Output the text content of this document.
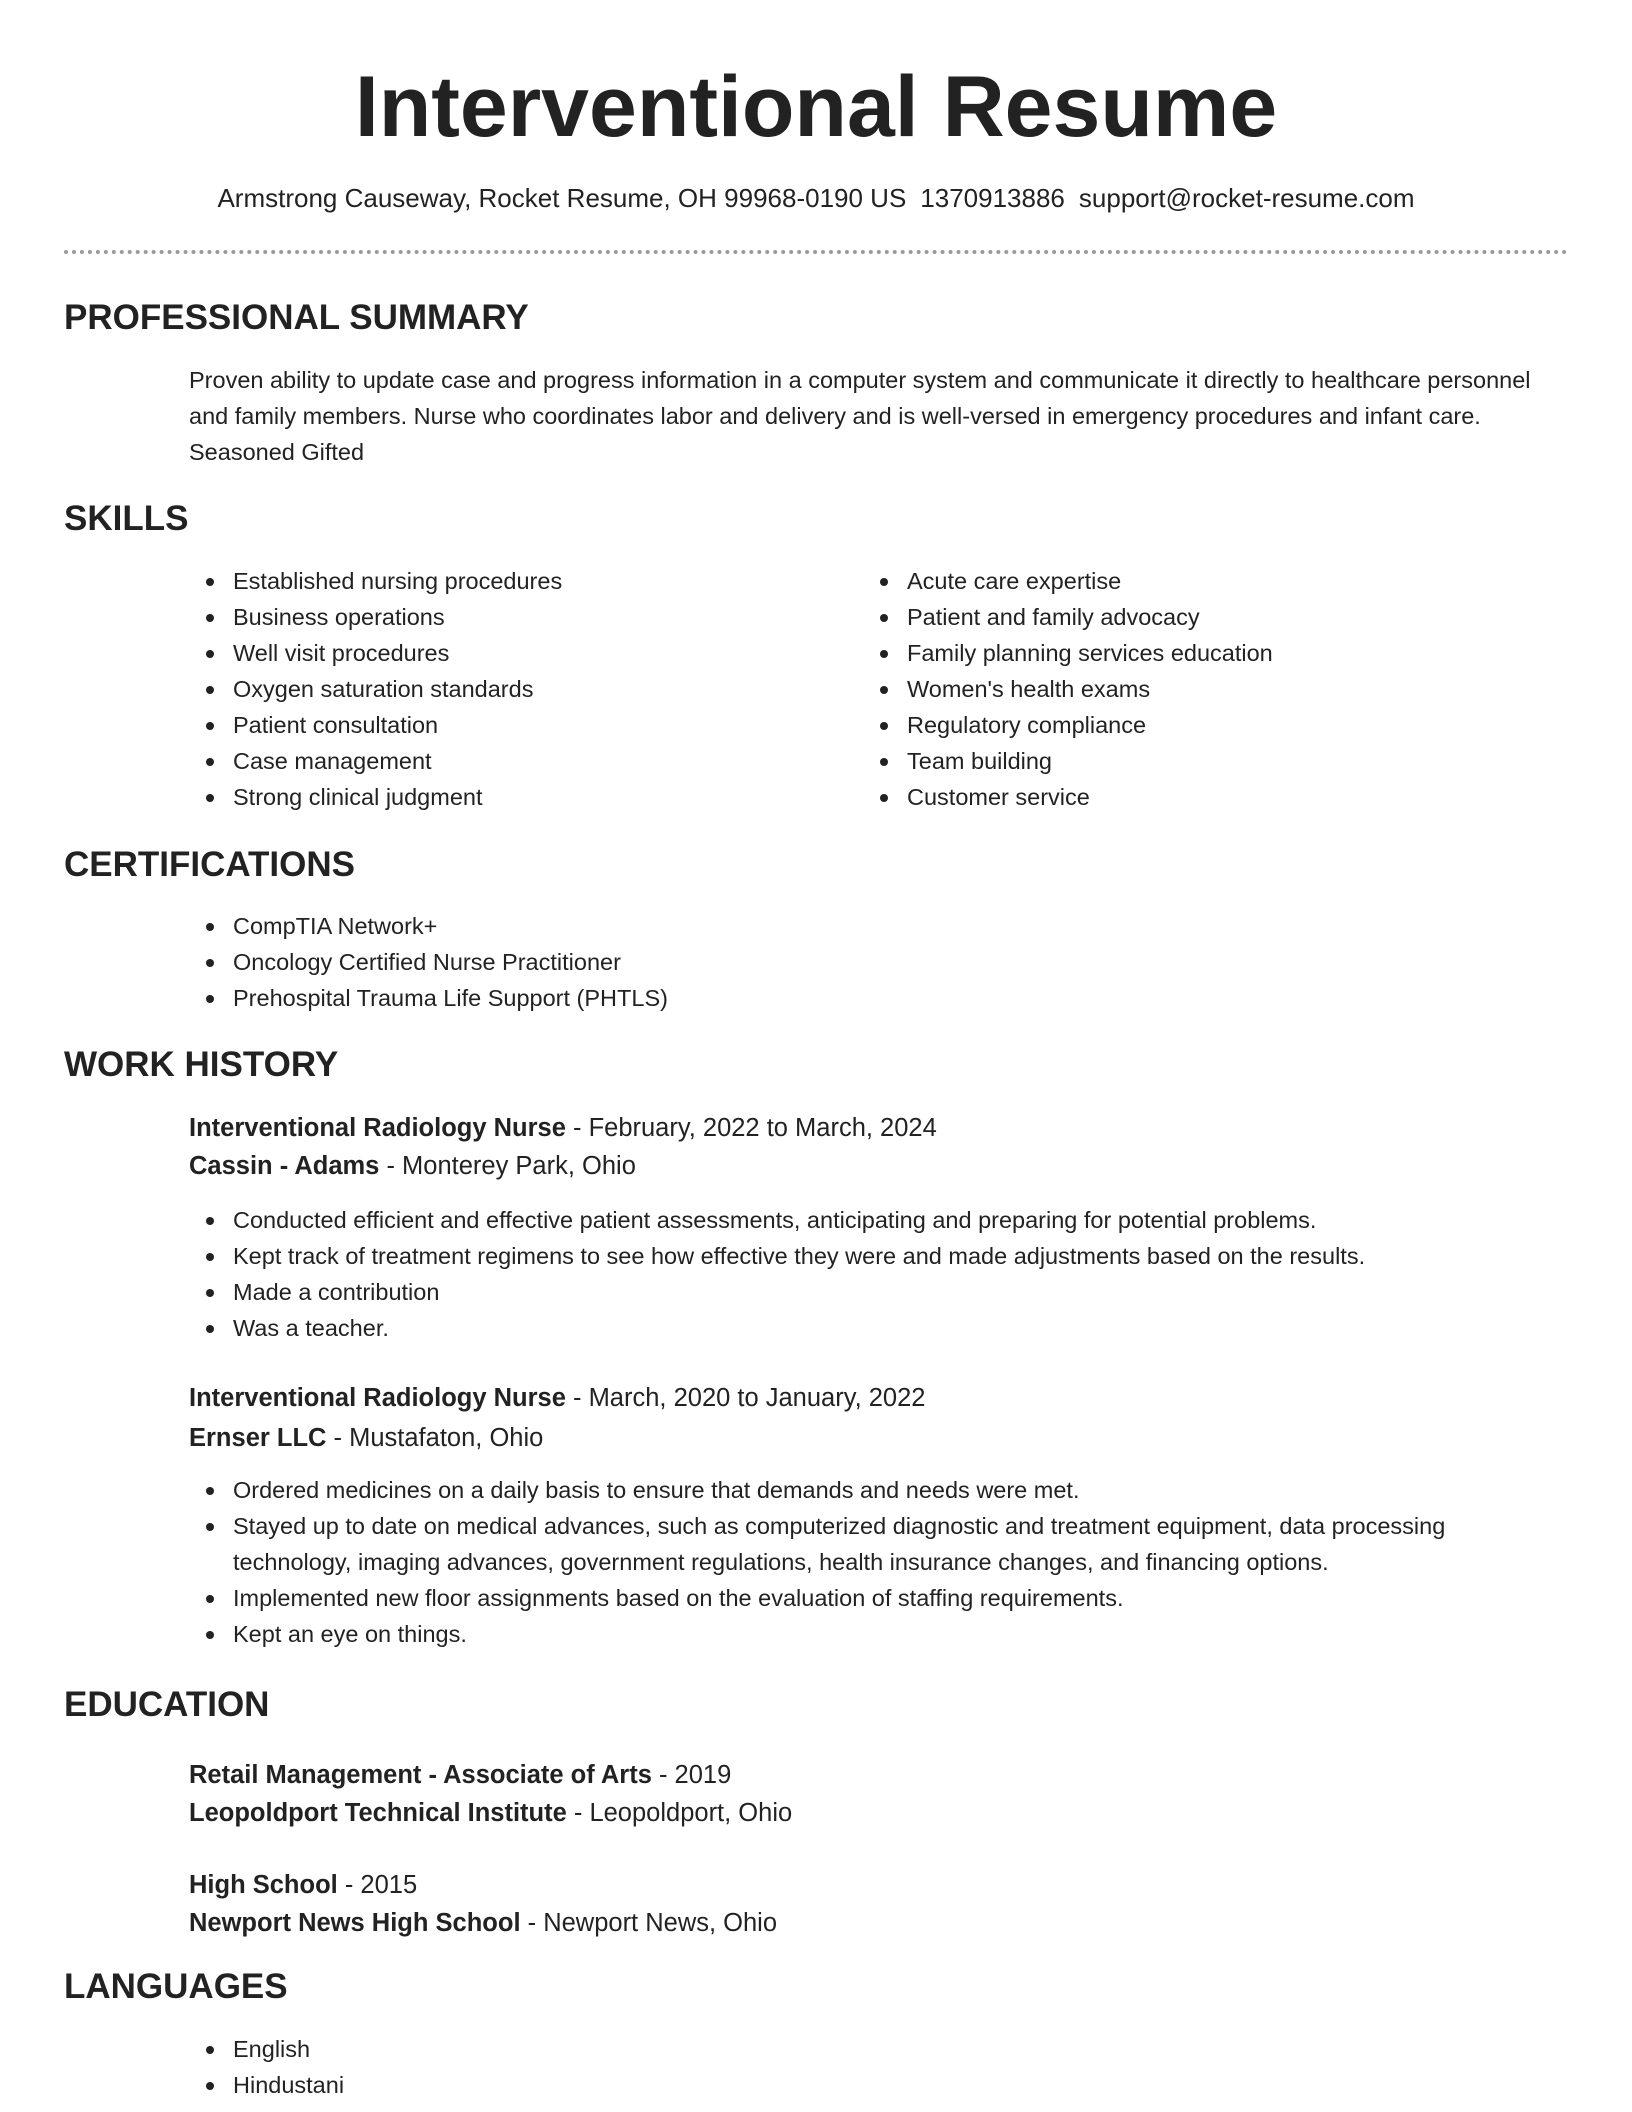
Interventional Resume
Armstrong Causeway, Rocket Resume, OH 99968-0190 US 1370913886 support@rocket-resume.com
PROFESSIONAL SUMMARY
Proven ability to update case and progress information in a computer system and communicate it directly to healthcare personnel and family members. Nurse who coordinates labor and delivery and is well-versed in emergency procedures and infant care. Seasoned Gifted
SKILLS
Established nursing procedures
Business operations
Well visit procedures
Oxygen saturation standards
Patient consultation
Case management
Strong clinical judgment
Acute care expertise
Patient and family advocacy
Family planning services education
Women's health exams
Regulatory compliance
Team building
Customer service
CERTIFICATIONS
CompTIA Network+
Oncology Certified Nurse Practitioner
Prehospital Trauma Life Support (PHTLS)
WORK HISTORY
Interventional Radiology Nurse - February, 2022 to March, 2024
Cassin - Adams - Monterey Park, Ohio
Conducted efficient and effective patient assessments, anticipating and preparing for potential problems.
Kept track of treatment regimens to see how effective they were and made adjustments based on the results.
Made a contribution
Was a teacher.
Interventional Radiology Nurse - March, 2020 to January, 2022
Ernser LLC - Mustafaton, Ohio
Ordered medicines on a daily basis to ensure that demands and needs were met.
Stayed up to date on medical advances, such as computerized diagnostic and treatment equipment, data processing technology, imaging advances, government regulations, health insurance changes, and financing options.
Implemented new floor assignments based on the evaluation of staffing requirements.
Kept an eye on things.
EDUCATION
Retail Management - Associate of Arts - 2019
Leopoldport Technical Institute - Leopoldport, Ohio
High School - 2015
Newport News High School - Newport News, Ohio
LANGUAGES
English
Hindustani
